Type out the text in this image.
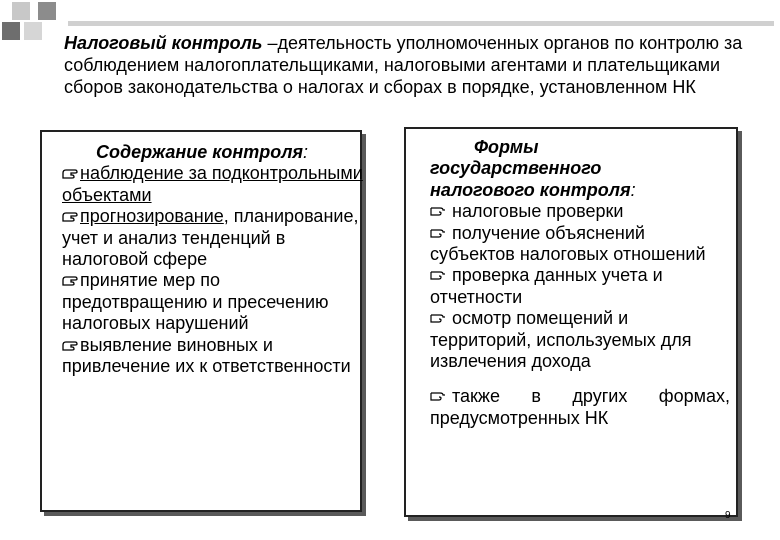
Налоговый контроль –деятельность уполномоченных органов по контролю за соблюдением налогоплательщиками, налоговыми агентами и плательщиками сборов законодательства о налогах и сборах в порядке, установленном НК
Содержание контроля:
наблюдение за подконтрольными объектами
прогнозирование, планирование, учет и анализ тенденций в налоговой сфере
принятие мер по предотвращению и пресечению налоговых нарушений
выявление виновных и привлечение их к ответственности
Формы
государственного
налогового контроля:
налоговые проверки
получение объяснений субъектов налоговых отношений
проверка данных учета и отчетности
осмотр помещений и территорий, используемых для извлечения дохода
также в других формах, предусмотренных НК
9
